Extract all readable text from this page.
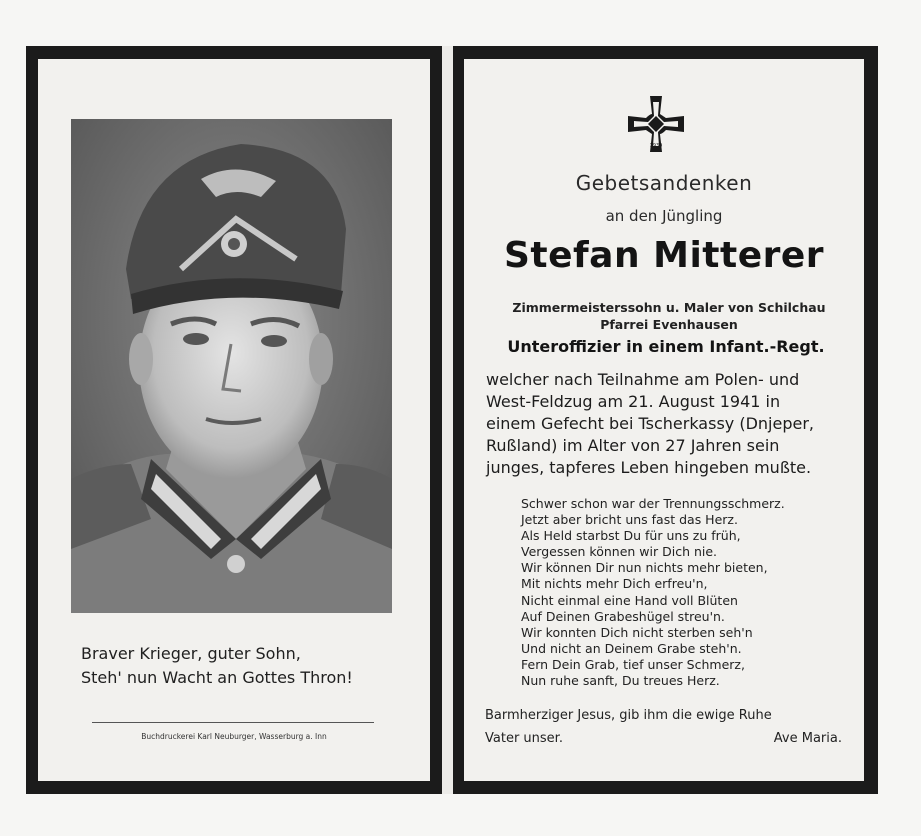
Braver Krieger, guter Sohn,
Steh' nun Wacht an Gottes Thron!
Buchdruckerei Karl Neuburger, Wasserburg a. Inn
1939
Gebetsandenken
an den Jüngling
Stefan Mitterer
Zimmermeisterssohn u. Maler von Schilchau
Pfarrei Evenhausen
Unteroffizier in einem Infant.-Regt.
welcher nach Teilnahme am Polen- und
West-Feldzug am 21. August 1941 in
einem Gefecht bei Tscherkassy (Dnjeper,
Rußland) im Alter von 27 Jahren sein
junges, tapferes Leben hingeben mußte.
Schwer schon war der Trennungsschmerz.
Jetzt aber bricht uns fast das Herz.
Als Held starbst Du für uns zu früh,
Vergessen können wir Dich nie.
Wir können Dir nun nichts mehr bieten,
Mit nichts mehr Dich erfreu'n,
Nicht einmal eine Hand voll Blüten
Auf Deinen Grabeshügel streu'n.
Wir konnten Dich nicht sterben seh'n
Und nicht an Deinem Grabe steh'n.
Fern Dein Grab, tief unser Schmerz,
Nun ruhe sanft, Du treues Herz.
Barmherziger Jesus, gib ihm die ewige Ruhe
Vater unser.	Ave Maria.
